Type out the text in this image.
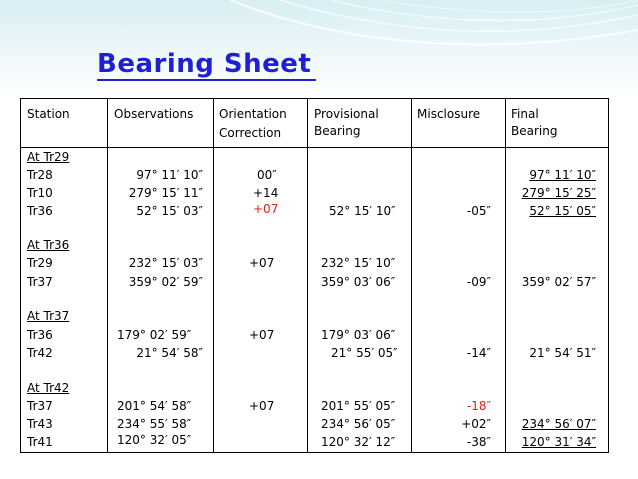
Bearing Sheet
Station	Observations Orientation
Correction
Provisional
Bearing
Misclosure	Final
Bearing
At Tr29
Tr28
Tr10
Tr36
At Tr36
Tr29
Tr37
At Tr37
Tr36
Tr42
At Tr42
Tr37
Tr43
Tr41
97° 11′ 10″
279° 15′ 11″
52° 15′ 03″
232° 15′ 03″
359° 02′ 59″
179° 02′ 59″
21° 54′ 58″
201° 54′ 58″
234° 55′ 58″
120° 32′ 05″
00″
+14
+07
+07
+07
+07
52° 15′ 10″
232° 15′ 10″
359° 03′ 06″
179° 03′ 06″
21° 55′ 05″
201° 55′ 05″
234° 56′ 05″
120° 32′ 12″
-05″
-09″
-14″
-18″
+02″
-38″
97° 11′ 10″
279° 15′ 25″
52° 15′ 05″
359° 02′ 57″
21° 54′ 51″
234° 56′ 07″
120° 31′ 34″
